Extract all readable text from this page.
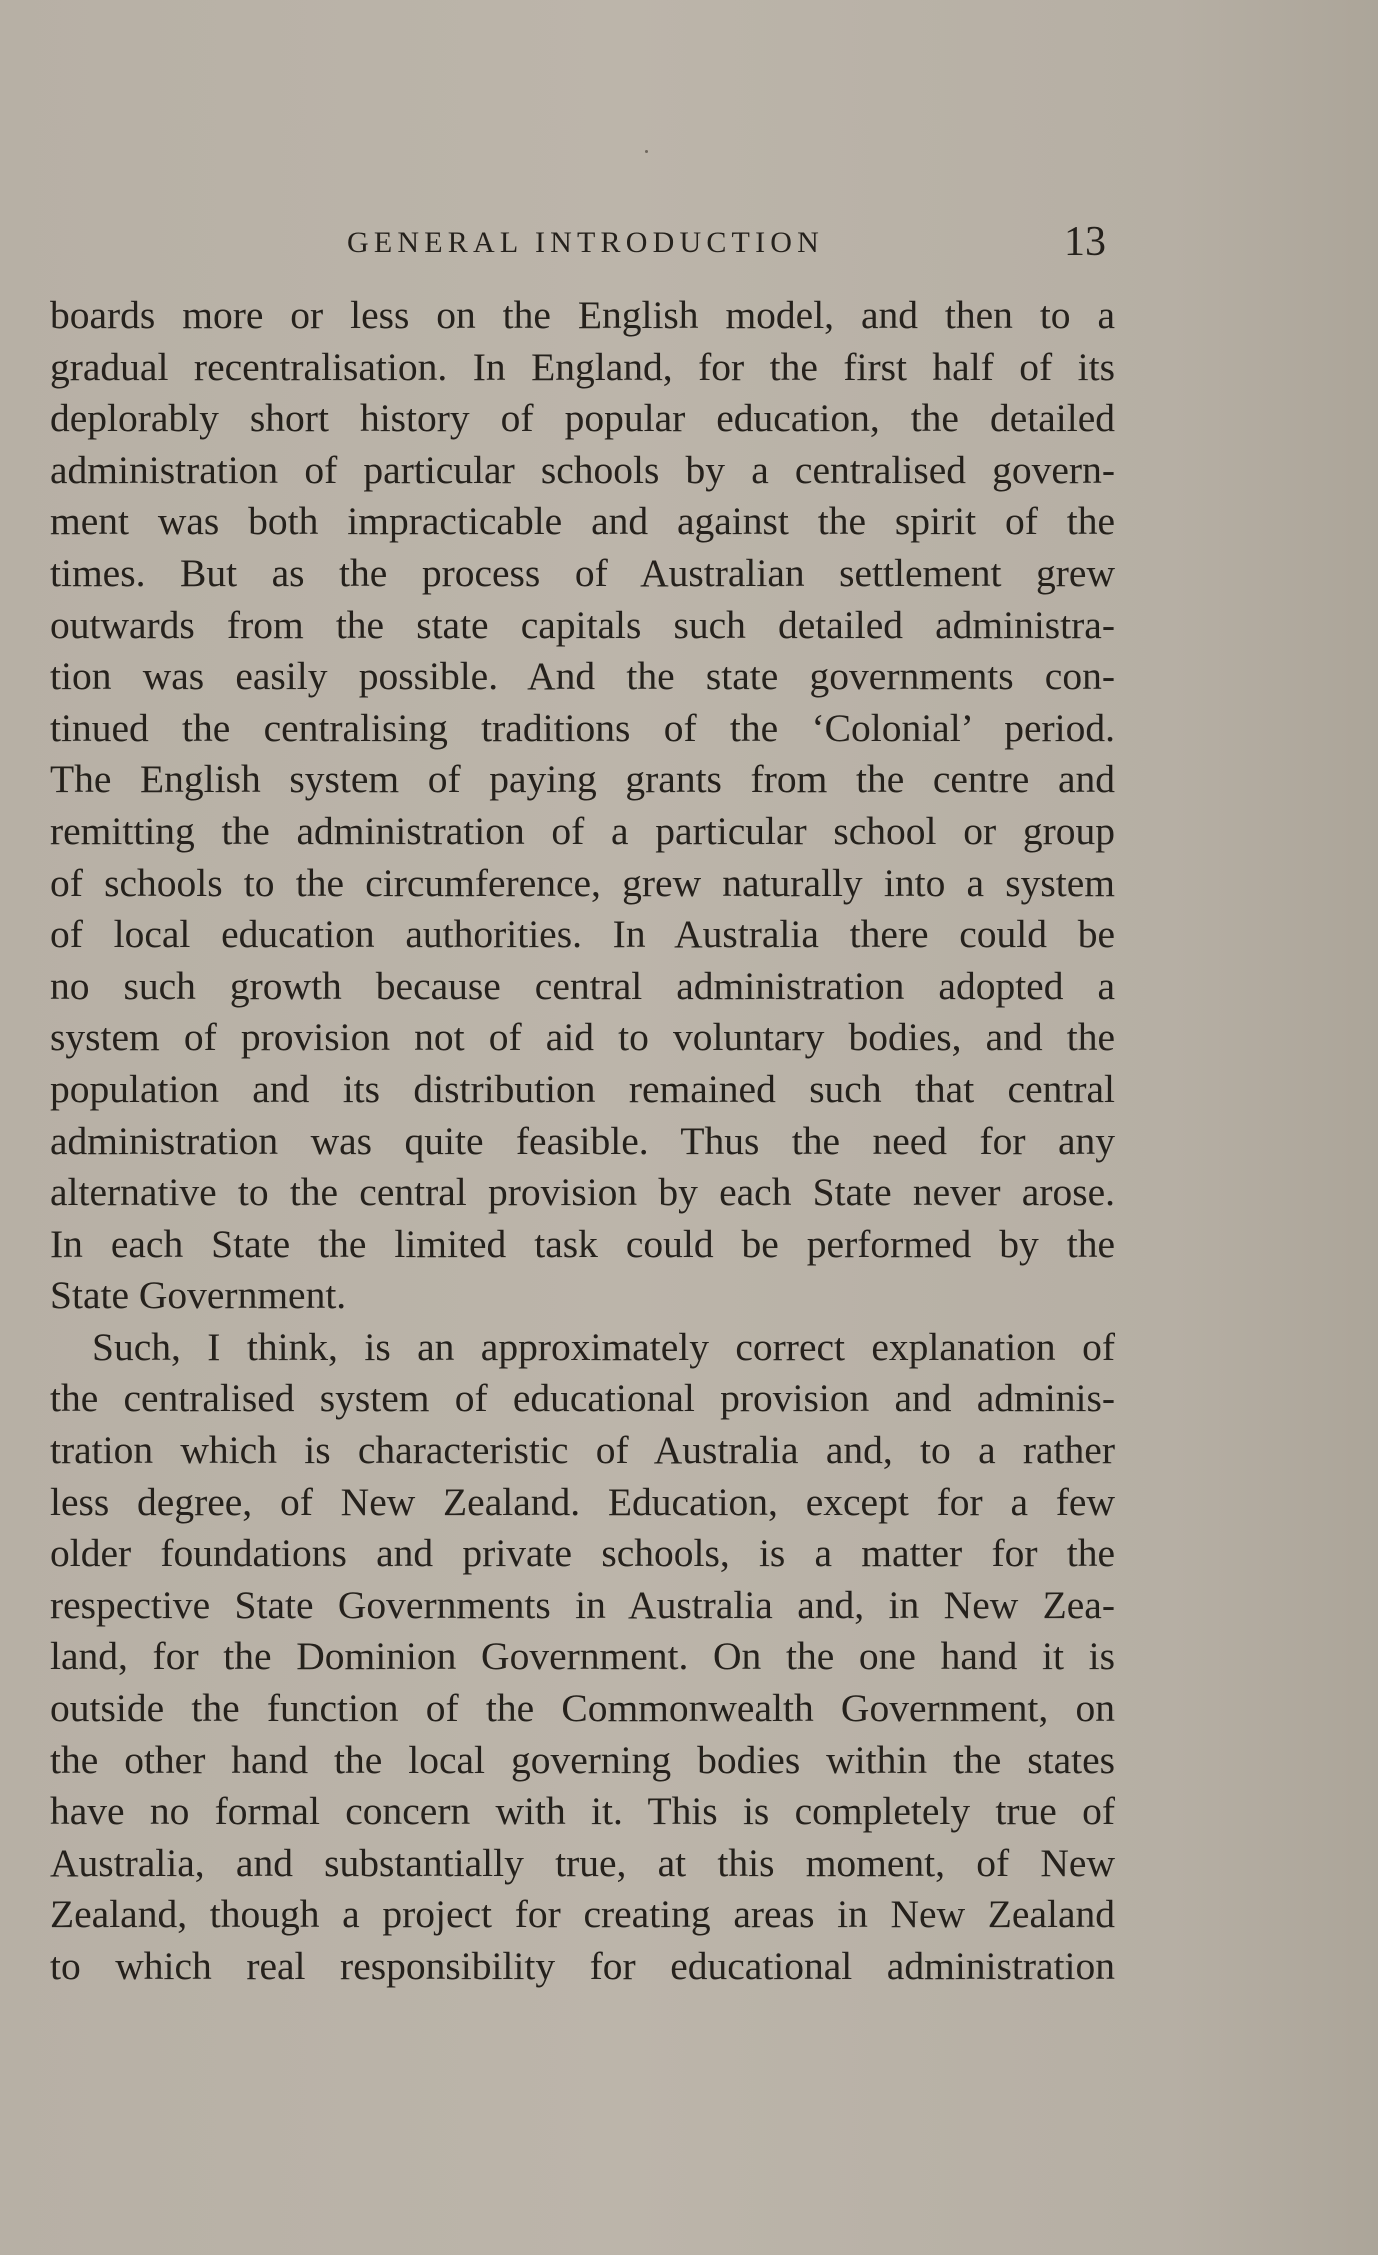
GENERAL INTRODUCTION	13
boards more or less on the English model, and then to a
gradual recentralisation. In England, for the first half of its
deplorably short history of popular education, the detailed
administration of particular schools by a centralised govern-
ment was both impracticable and against the spirit of the
times. But as the process of Australian settlement grew
outwards from the state capitals such detailed administra-
tion was easily possible. And the state governments con-
tinued the centralising traditions of the ‘Colonial’ period.
The English system of paying grants from the centre and
remitting the administration of a particular school or group
of schools to the circumference, grew naturally into a system
of local education authorities. In Australia there could be
no such growth because central administration adopted a
system of provision not of aid to voluntary bodies, and the
population and its distribution remained such that central
administration was quite feasible. Thus the need for any
alternative to the central provision by each State never arose.
In each State the limited task could be performed by the
State Government.
Such, I think, is an approximately correct explanation of
the centralised system of educational provision and adminis-
tration which is characteristic of Australia and, to a rather
less degree, of New Zealand. Education, except for a few
older foundations and private schools, is a matter for the
respective State Governments in Australia and, in New Zea-
land, for the Dominion Government. On the one hand it is
outside the function of the Commonwealth Government, on
the other hand the local governing bodies within the states
have no formal concern with it. This is completely true of
Australia, and substantially true, at this moment, of New
Zealand, though a project for creating areas in New Zealand
to which real responsibility for educational administration
